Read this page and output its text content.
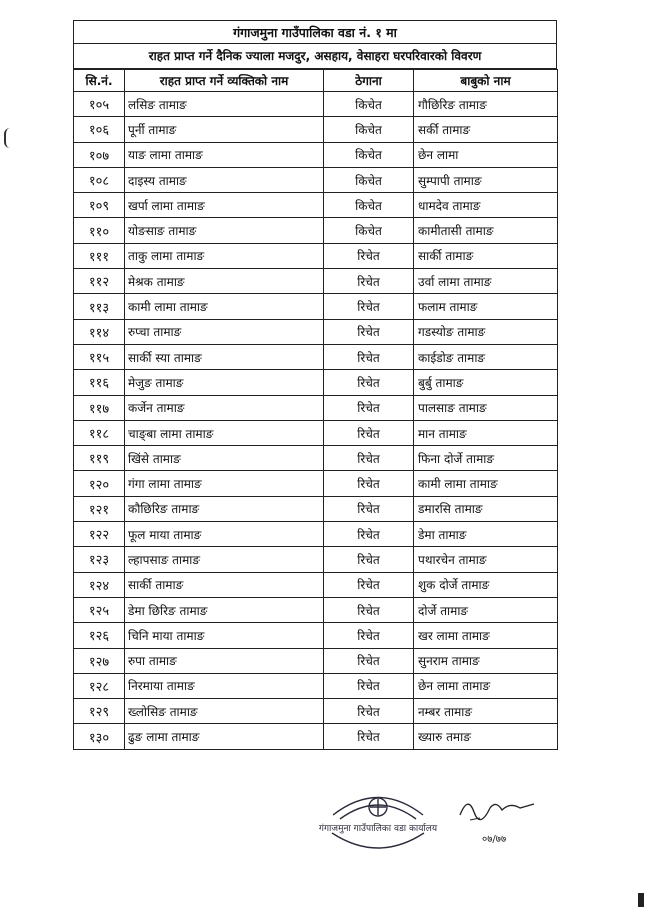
गंगाजमुना गाउँपालिका वडा नं. १ मा
राहत प्राप्त गर्ने दैनिक ज्याला मजदुर, असहाय, वेसाहरा घरपरिवारको विवरण
सि.नं.	राहत प्राप्त गर्ने व्यक्तिको नाम	ठेगाना	बाबुको नाम
१०५	लसिङ तामाङ	किचेत	गौछिरिङ तामाङ
१०६	पूर्नी तामाङ	किचेत	सर्की तामाङ
१०७	याङ लामा तामाङ	किचेत	छेन लामा
१०८	दाइस्य तामाङ	किचेत	सुम्पापी तामाङ
१०९	खर्पा लामा तामाङ	किचेत	धामदेव तामाङ
११०	योङसाङ तामाङ	किचेत	कामीतासी तामाङ
१११	ताकु लामा तामाङ	रिचेत	सार्की तामाङ
११२	मेश्रक तामाङ	रिचेत	उर्वा लामा तामाङ
११३	कामी लामा तामाङ	रिचेत	फलाम तामाङ
११४	रुप्चा तामाङ	रिचेत	गडस्योङ तामाङ
११५	सार्की स्या तामाङ	रिचेत	काईडोङ तामाङ
११६	मेजुङ तामाङ	रिचेत	बुर्बु तामाङ
११७	कर्जेन तामाङ	रिचेत	पालसाङ तामाङ
११८	चाङ्बा लामा तामाङ	रिचेत	मान तामाङ
११९	खिंसे तामाङ	रिचेत	फिना दोर्जे तामाङ
१२०	गंगा लामा तामाङ	रिचेत	कामी लामा तामाङ
१२१	कौछिरिङ तामाङ	रिचेत	डमारसि तामाङ
१२२	फूल माया तामाङ	रिचेत	डेमा तामाङ
१२३	ल्हापसाङ तामाङ	रिचेत	पथारचेन तामाङ
१२४	सार्की तामाङ	रिचेत	शुक दोर्जे तामाङ
१२५	डेमा छिरिङ तामाङ	रिचेत	दोर्जे तामाङ
१२६	चिनि माया तामाङ	रिचेत	खर लामा तामाङ
१२७	रुपा तामाङ	रिचेत	सुनराम तामाङ
१२८	निरमाया तामाङ	रिचेत	छेन लामा तामाङ
१२९	ख्लोसिङ तामाङ	रिचेत	नम्बर तामाङ
१३०	ढुङ लामा तामाङ	रिचेत	ख्यारु तमाङ
गंगाजमुना गाउँपालिका वडा कार्यालय
०७/७७
